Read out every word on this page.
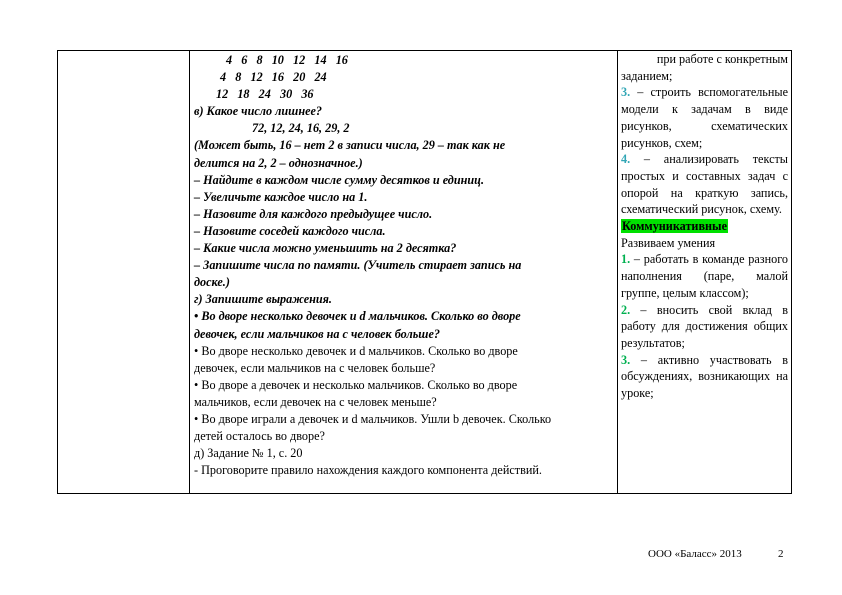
4   6   8   10   12   14   16
4   8   12   16   20   24
12   18   24   30   36
в) Какое число лишнее?
72, 12, 24, 16, 29, 2
(Может быть, 16 – нет 2 в записи числа, 29 – так как не
делится на 2, 2 – однозначное.)
– Найдите в каждом числе сумму десятков и единиц.
– Увеличьте каждое число на 1.
– Назовите для каждого предыдущее число.
– Назовите соседей каждого числа.
– Какие числа можно уменьшить на 2 десятка?
– Запишите числа по памяти. (Учитель стирает запись на
доске.)
г) Запишите выражения.
• Во дворе несколько девочек и d мальчиков. Сколько во дворе
девочек, если мальчиков на с человек больше?
• Во дворе несколько девочек и d мальчиков. Сколько во дворе
девочек, если мальчиков на с человек больше?
• Во дворе а девочек и несколько мальчиков. Сколько во дворе
мальчиков, если девочек на с человек меньше?
• Во дворе играли а девочек и d мальчиков. Ушли b девочек. Сколько
детей осталось во дворе?
д) Задание № 1, с. 20
- Проговорите правило нахождения каждого компонента действий.
при работе с конкретным
заданием;
3. – строить вспомогательные модели к задачам в виде рисунков, схематических рисунков, схем;
4. – анализировать тексты простых и составных задач с опорой на краткую запись, схематический рисунок, схему.
Коммуникативные
Развиваем умения
1. – работать в команде разного наполнения (паре, малой группе, целым классом);
2. – вносить свой вклад в работу для достижения общих результатов;
3. – активно участвовать в обсуждениях, возникающих на уроке;
ООО «Баласс» 2013	2
